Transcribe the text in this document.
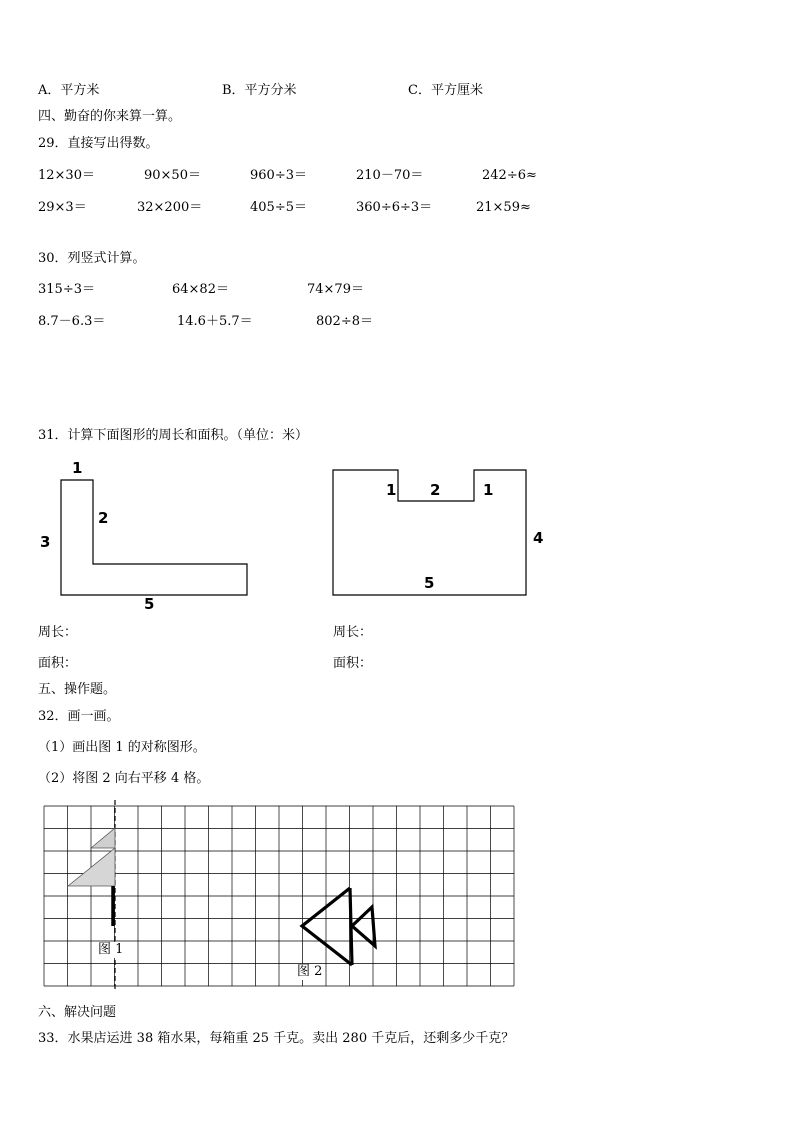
A．平方米	B．平方分米	C．平方厘米
四、勤奋的你来算一算。
29．直接写出得数。
12×30＝	90×50＝	960÷3＝	210－70＝	242÷6≈
29×3＝	32×200＝	405÷5＝	360÷6÷3＝	21×59≈
30．列竖式计算。
315÷3＝	64×82＝	74×79＝
8.7－6.3＝	14.6＋5.7＝	802÷8＝
31．计算下面图形的周长和面积。（单位：米）
1
2
3
5
1 2	1
4
5
周长：	周长：
面积：	面积：
五、操作题。
32．画一画。
（1）画出图 1 的对称图形。
（2）将图 2 向右平移 4 格。
图 1
图 2
六、解决问题
33．水果店运进 38 箱水果，每箱重 25 千克。卖出 280 千克后，还剩多少千克？
